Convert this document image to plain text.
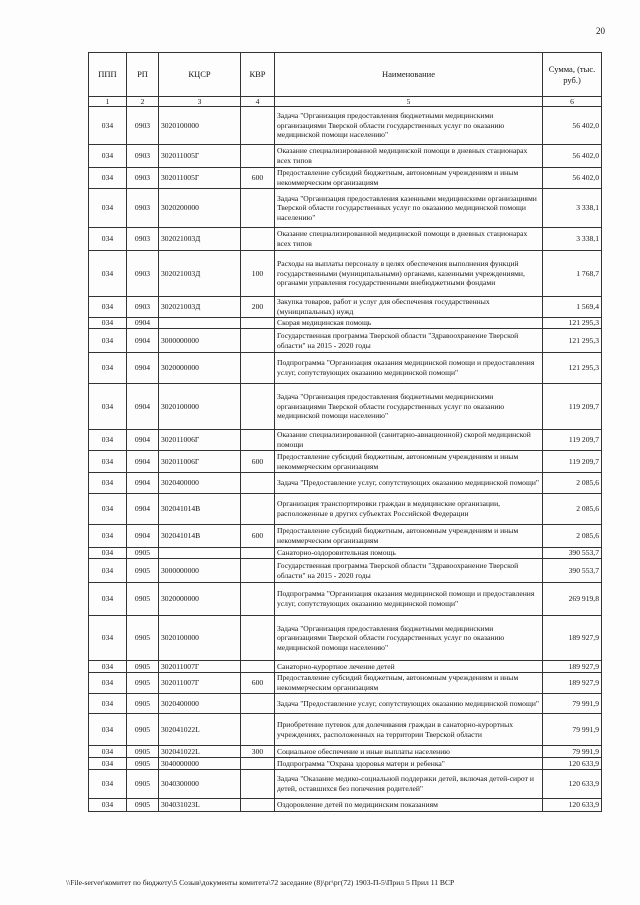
20
ППП	РП	КЦСР	КВР	Наименование	Сумма, (тыс. руб.)
1	2	3	4	5	6
034	0903	3020100000		Задача "Организация предоставления бюджетными медицинскими организациями Тверской области государственных услуг по оказанию медицинской помощи населению"	56 402,0
034	0903	302011005Г		Оказание специализированной медицинской помощи в дневных стационарах всех типов	56 402,0
034	0903	302011005Г	600	Предоставление субсидий бюджетным, автономным учреждениям и иным некоммерческим организациям	56 402,0
034	0903	3020200000		Задача "Организация предоставления казенными медицинскими организациями Тверской области государственных услуг по оказанию медицинской помощи населению"	3 338,1
034	0903	302021003Д		Оказание специализированной медицинской помощи в дневных стационарах всех типов	3 338,1
034	0903	302021003Д	100	Расходы на выплаты персоналу в целях обеспечения выполнения функций государственными (муниципальными) органами, казенными учреждениями, органами управления государственными внебюджетными фондами	1 768,7
034	0903	302021003Д	200	Закупка товаров, работ и услуг для обеспечения государственных (муниципальных) нужд	1 569,4
034	0904			Скорая медицинская помощь	121 295,3
034	0904	3000000000		Государственная программа Тверской области "Здравоохранение Тверской области" на 2015 - 2020 годы	121 295,3
034	0904	3020000000		Подпрограмма "Организация оказания медицинской помощи и предоставления услуг, сопутствующих оказанию медицинской помощи"	121 295,3
034	0904	3020100000		Задача "Организация предоставления бюджетными медицинскими организациями Тверской области государственных услуг по оказанию медицинской помощи населению"	119 209,7
034	0904	302011006Г		Оказание специализированной (санитарно-авиационной) скорой медицинской помощи	119 209,7
034	0904	302011006Г	600	Предоставление субсидий бюджетным, автономным учреждениям и иным некоммерческим организациям	119 209,7
034	0904	3020400000		Задача "Предоставление услуг, сопутствующих оказанию медицинской помощи"	2 085,6
034	0904	302041014В		Организация транспортировки граждан в медицинские организации, расположенные в других субъектах Российской Федерации	2 085,6
034	0904	302041014В	600	Предоставление субсидий бюджетным, автономным учреждениям и иным некоммерческим организациям	2 085,6
034	0905			Санаторно-оздоровительная помощь	390 553,7
034	0905	3000000000		Государственная программа Тверской области "Здравоохранение Тверской области" на 2015 - 2020 годы	390 553,7
034	0905	3020000000		Подпрограмма "Организация оказания медицинской помощи и предоставления услуг, сопутствующих оказанию медицинской помощи"	269 919,8
034	0905	3020100000		Задача "Организация предоставления бюджетными медицинскими организациями Тверской области государственных услуг по оказанию медицинской помощи населению"	189 927,9
034	0905	302011007Г		Санаторно-курортное лечение детей	189 927,9
034	0905	302011007Г	600	Предоставление субсидий бюджетным, автономным учреждениям и иным некоммерческим организациям	189 927,9
034	0905	3020400000		Задача "Предоставление услуг, сопутствующих оказанию медицинской помощи"	79 991,9
034	0905	302041022L		Приобретение путевок для долечивания граждан в санаторно-курортных учреждениях, расположенных на территории Тверской области	79 991,9
034	0905	302041022L	300	Социальное обеспечение и иные выплаты населению	79 991,9
034	0905	3040000000		Подпрограмма "Охрана здоровья матери и ребенка"	120 633,9
034	0905	3040300000		Задача "Оказание медико-социальной поддержки детей, включая детей-сирот и детей, оставшихся без попечения родителей"	120 633,9
034	0905	304031023L		Оздоровление детей по медицинским показаниям	120 633,9
\\File-server\комитет по бюджету\5 Созыв\документы комитета\72 заседание (8)\рг\рг(72) 1903-П-5\Прил 5 Прил 11 ВСР
